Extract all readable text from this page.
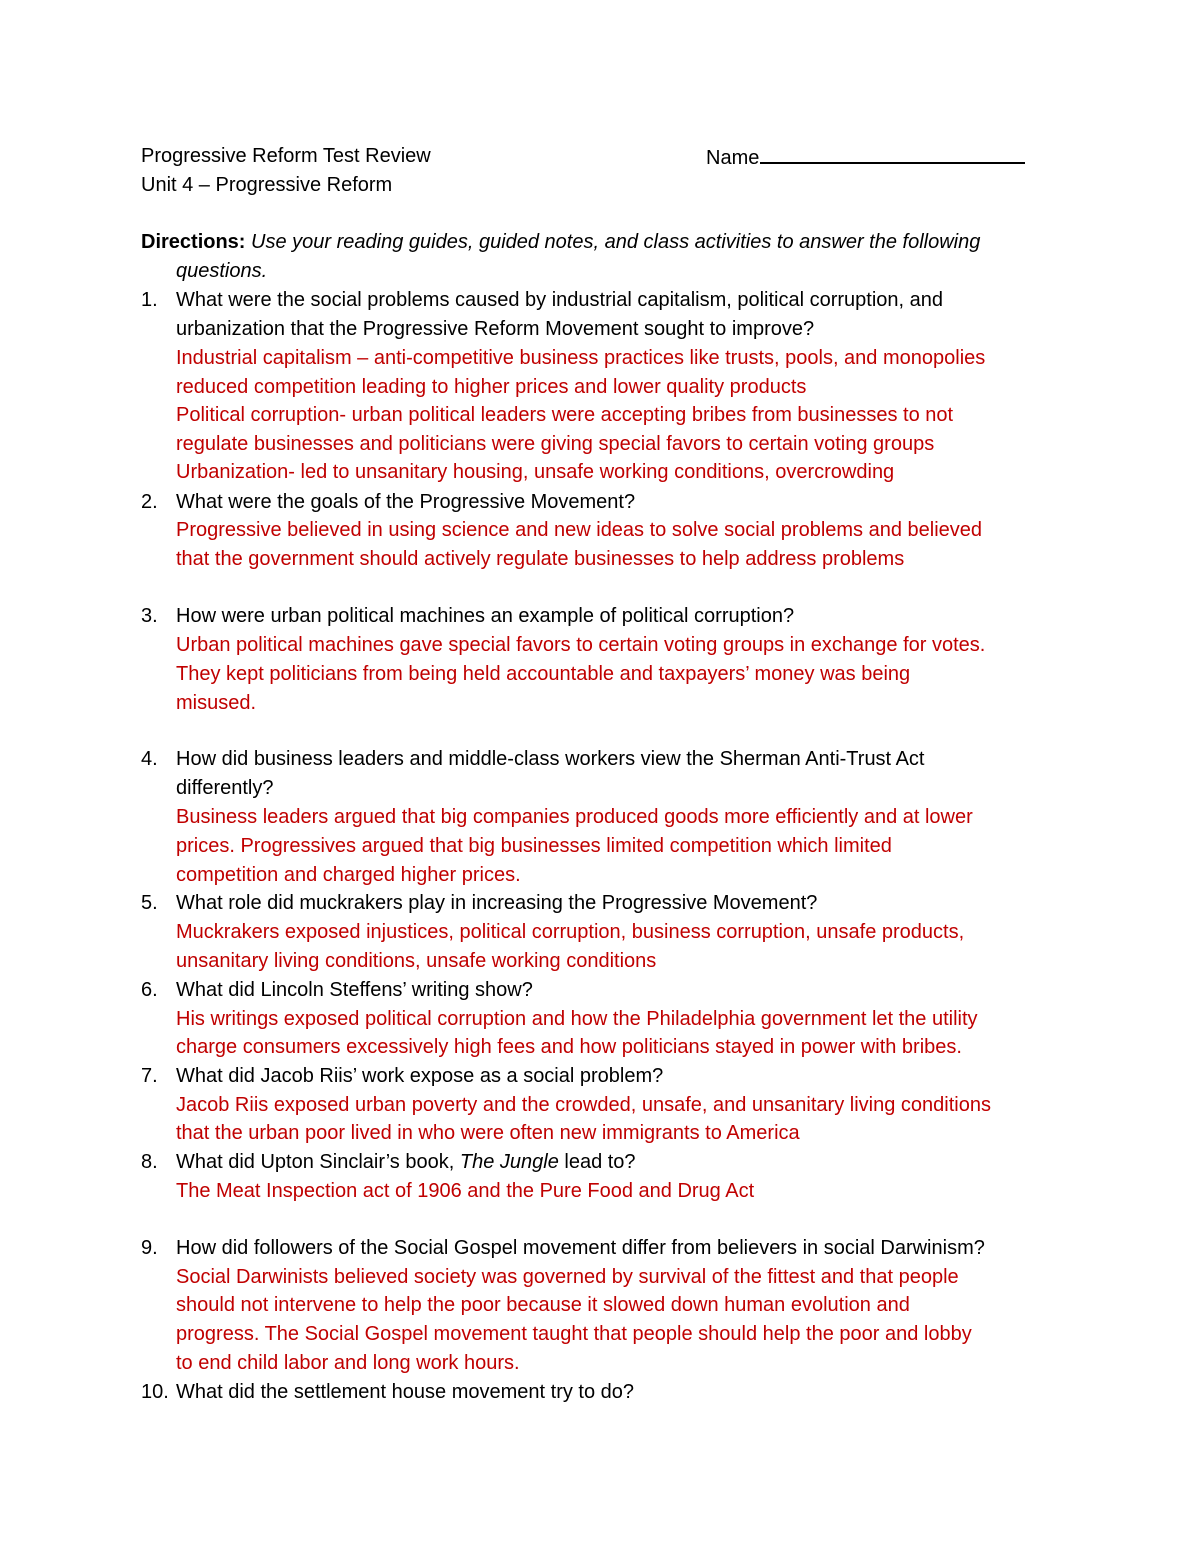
Progressive Reform Test Review	Name
Unit 4 – Progressive Reform
Directions: Use your reading guides, guided notes, and class activities to answer the following
questions.
1. What were the social problems caused by industrial capitalism, political corruption, and
urbanization that the Progressive Reform Movement sought to improve?
Industrial capitalism – anti-competitive business practices like trusts, pools, and monopolies
reduced competition leading to higher prices and lower quality products
Political corruption- urban political leaders were accepting bribes from businesses to not
regulate businesses and politicians were giving special favors to certain voting groups
Urbanization- led to unsanitary housing, unsafe working conditions, overcrowding
2. What were the goals of the Progressive Movement?
Progressive believed in using science and new ideas to solve social problems and believed
that the government should actively regulate businesses to help address problems
3. How were urban political machines an example of political corruption?
Urban political machines gave special favors to certain voting groups in exchange for votes.
They kept politicians from being held accountable and taxpayers’ money was being
misused.
4. How did business leaders and middle-class workers view the Sherman Anti-Trust Act
differently?
Business leaders argued that big companies produced goods more efficiently and at lower
prices. Progressives argued that big businesses limited competition which limited
competition and charged higher prices.
5. What role did muckrakers play in increasing the Progressive Movement?
Muckrakers exposed injustices, political corruption, business corruption, unsafe products,
unsanitary living conditions, unsafe working conditions
6. What did Lincoln Steffens’ writing show?
His writings exposed political corruption and how the Philadelphia government let the utility
charge consumers excessively high fees and how politicians stayed in power with bribes.
7. What did Jacob Riis’ work expose as a social problem?
Jacob Riis exposed urban poverty and the crowded, unsafe, and unsanitary living conditions
that the urban poor lived in who were often new immigrants to America
8. What did Upton Sinclair’s book, The Jungle lead to?
The Meat Inspection act of 1906 and the Pure Food and Drug Act
9. How did followers of the Social Gospel movement differ from believers in social Darwinism?
Social Darwinists believed society was governed by survival of the fittest and that people
should not intervene to help the poor because it slowed down human evolution and
progress. The Social Gospel movement taught that people should help the poor and lobby
to end child labor and long work hours.
10. What did the settlement house movement try to do?
